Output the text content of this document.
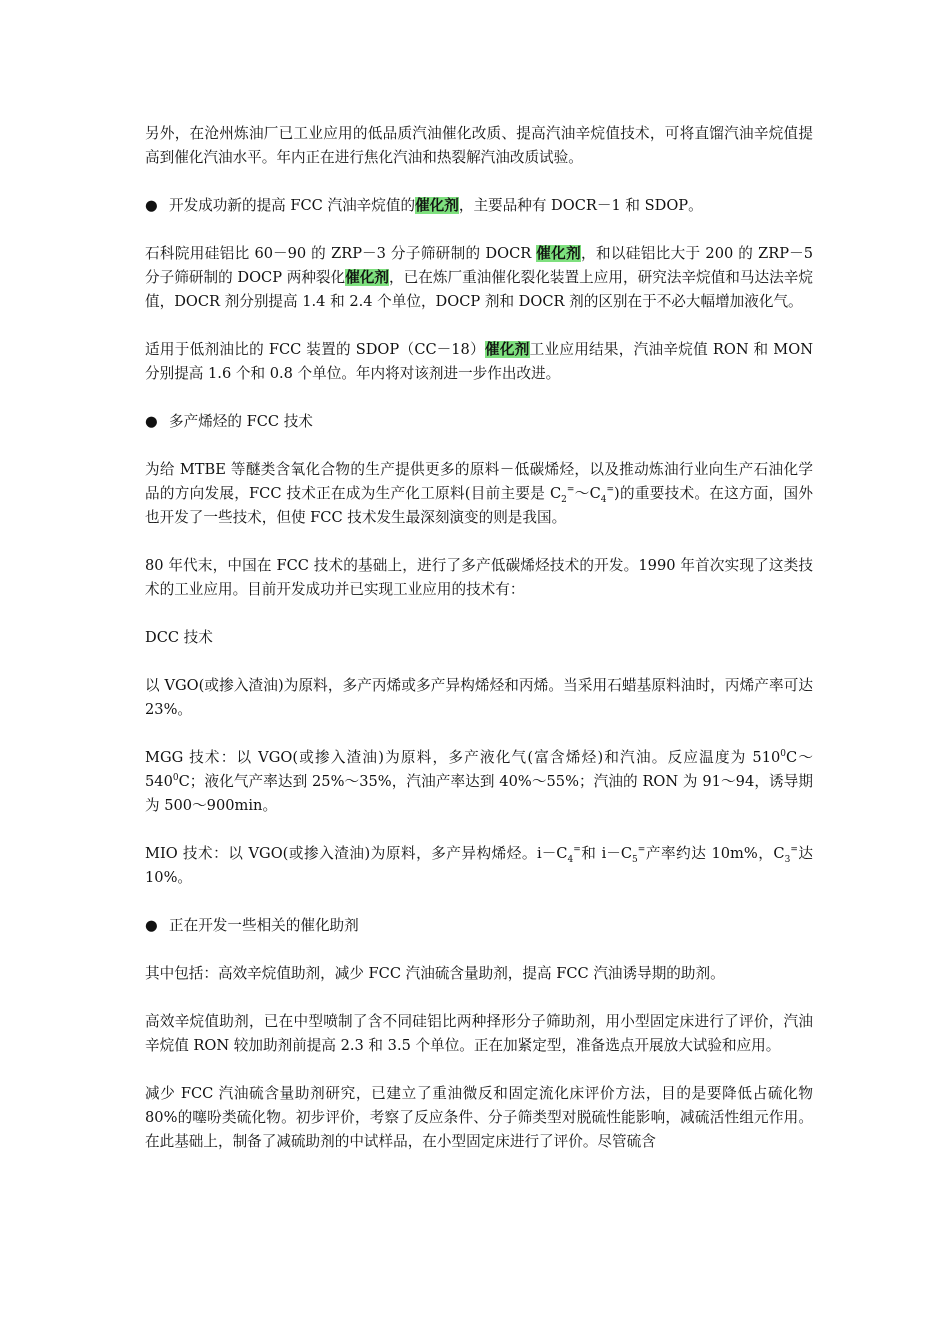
另外，在沧州炼油厂已工业应用的低品质汽油催化改质、提高汽油辛烷值技术，可将直馏汽油辛烷值提高到催化汽油水平。年内正在进行焦化汽油和热裂解汽油改质试验。

● 开发成功新的提高 FCC 汽油辛烷值的催化剂，主要品种有 DOCR－1 和 SDOP。

石科院用硅铝比 60－90 的 ZRP－3 分子筛研制的 DOCR 催化剂，和以硅铝比大于 200 的 ZRP－5 分子筛研制的 DOCP 两种裂化催化剂，已在炼厂重油催化裂化装置上应用，研究法辛烷值和马达法辛烷值，DOCR 剂分别提高 1.4 和 2.4 个单位，DOCP 剂和 DOCR 剂的区别在于不必大幅增加液化气。

适用于低剂油比的 FCC 装置的 SDOP（CC－18）催化剂工业应用结果，汽油辛烷值 RON 和 MON 分别提高 1.6 个和 0.8 个单位。年内将对该剂进一步作出改进。

● 多产烯烃的 FCC 技术

为给 MTBE 等醚类含氧化合物的生产提供更多的原料－低碳烯烃，以及推动炼油行业向生产石油化学品的方向发展，FCC 技术正在成为生产化工原料(目前主要是 $C_2^=\sim C_4^=$)的重要技术。在这方面，国外也开发了一些技术，但使 FCC 技术发生最深刻演变的则是我国。

80 年代末，中国在 FCC 技术的基础上，进行了多产低碳烯烃技术的开发。1990 年首次实现了这类技术的工业应用。目前开发成功并已实现工业应用的技术有：

DCC 技术

以 VGO(或掺入渣油)为原料，多产丙烯或多产异构烯烃和丙烯。当采用石蜡基原料油时，丙烯产率可达 23%。

MGG 技术：以 VGO(或掺入渣油)为原料，多产液化气(富含烯烃)和汽油。反应温度为 $510^0C\sim 540^0C$；液化气产率达到 25%～35%，汽油产率达到 40%～55%；汽油的 RON 为 91～94，诱导期为 500～900min。

MIO 技术：以 VGO(或掺入渣油)为原料，多产异构烯烃。$i-C_4^=$和 $i-C_5^=$产率约达 10m%，$C_3^=$达 10%。

● 正在开发一些相关的催化助剂

其中包括：高效辛烷值助剂，减少 FCC 汽油硫含量助剂，提高 FCC 汽油诱导期的助剂。

高效辛烷值助剂，已在中型喷制了含不同硅铝比两种择形分子筛助剂，用小型固定床进行了评价，汽油辛烷值 RON 较加助剂前提高 2.3 和 3.5 个单位。正在加紧定型，准备选点开展放大试验和应用。

减少 FCC 汽油硫含量助剂研究，已建立了重油微反和固定流化床评价方法，目的是要降低占硫化物 80%的噻吩类硫化物。初步评价，考察了反应条件、分子筛类型对脱硫性能影响，减硫活性组元作用。在此基础上，制备了减硫助剂的中试样品，在小型固定床进行了评价。尽管硫含
